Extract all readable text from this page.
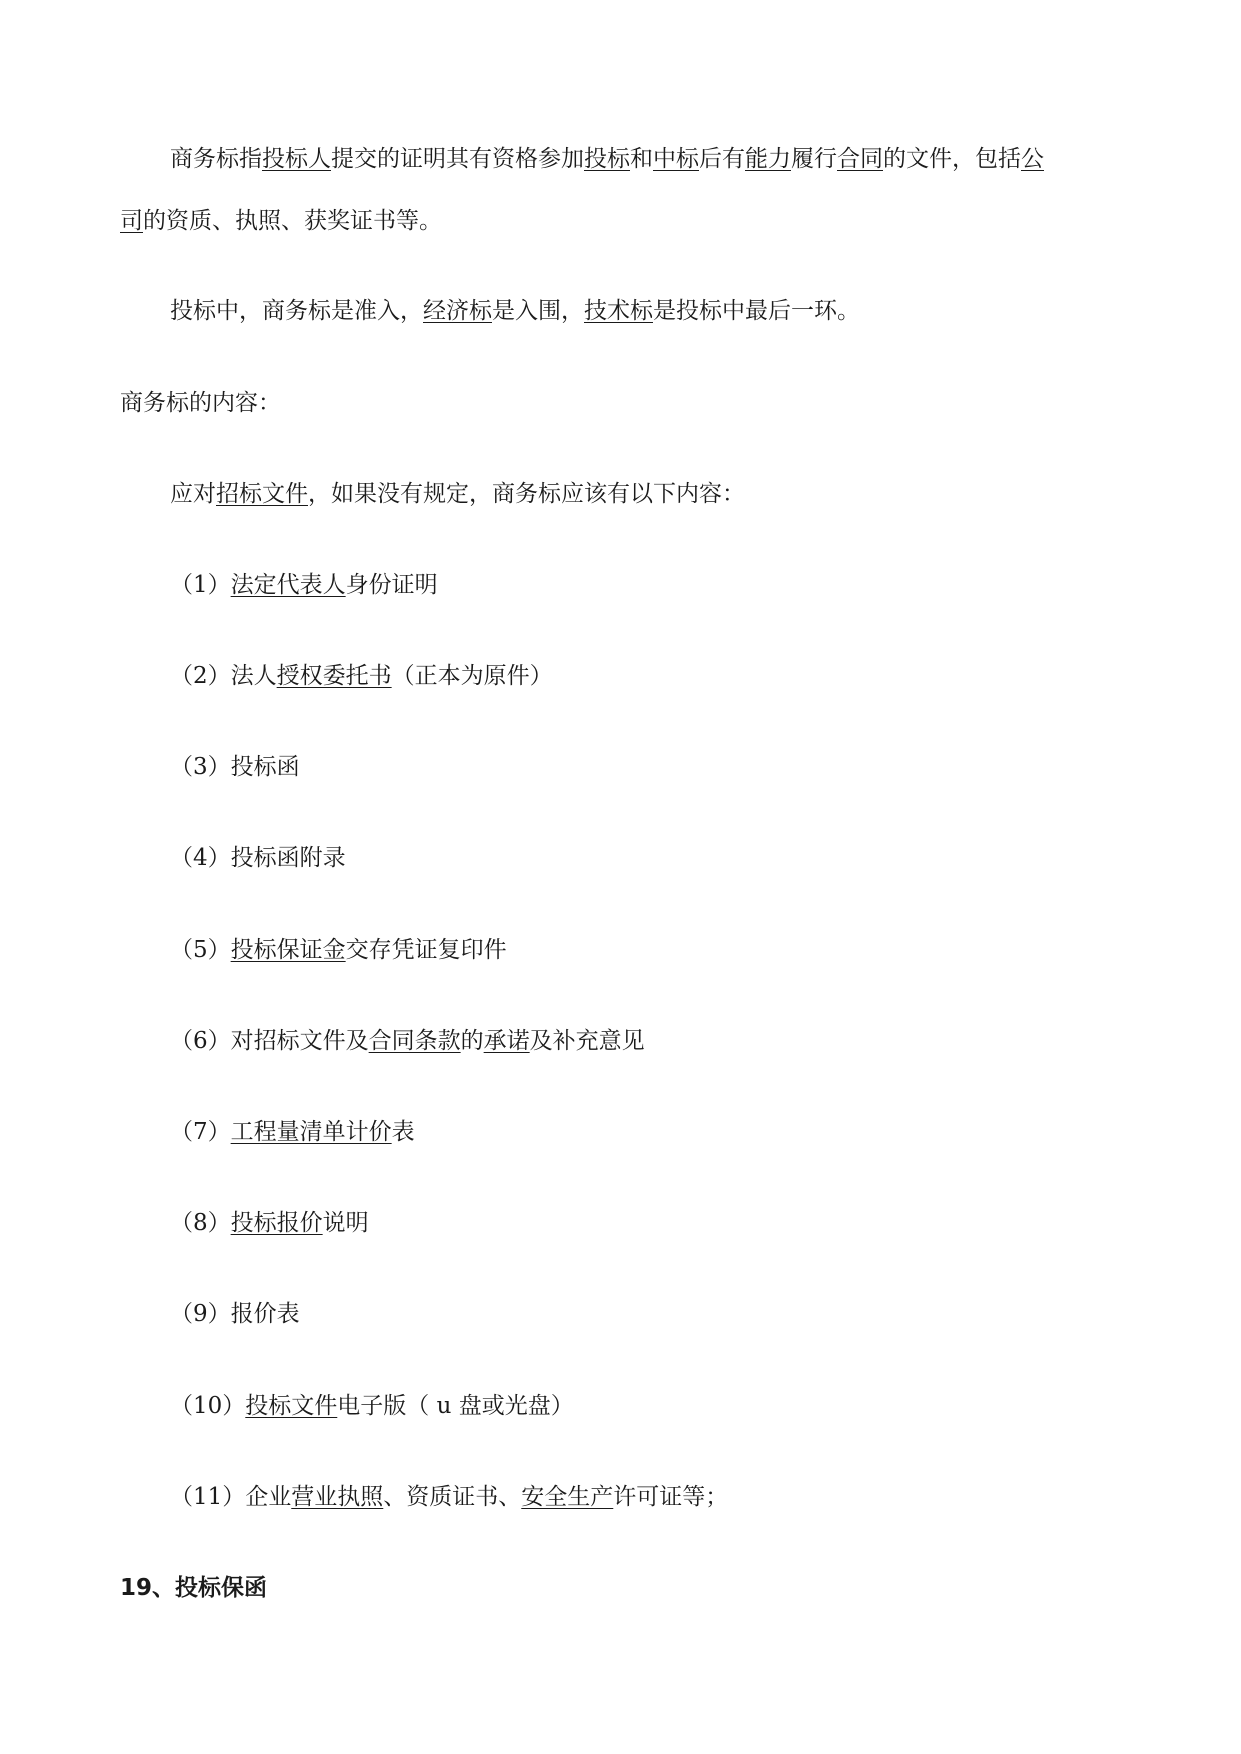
商务标指投标人提交的证明其有资格参加投标和中标后有能力履行合同的文件，包括公
司的资质、执照、获奖证书等。
投标中，商务标是准入，经济标是入围，技术标是投标中最后一环。
商务标的内容：
应对招标文件，如果没有规定，商务标应该有以下内容：
（1）法定代表人身份证明
（2）法人授权委托书（正本为原件）
（3）投标函
（4）投标函附录
（5）投标保证金交存凭证复印件
（6）对招标文件及合同条款的承诺及补充意见
（7）工程量清单计价表
（8）投标报价说明
（9）报价表
（10）投标文件电子版（ u 盘或光盘）
（11）企业营业执照、资质证书、安全生产许可证等；
19、投标保函
